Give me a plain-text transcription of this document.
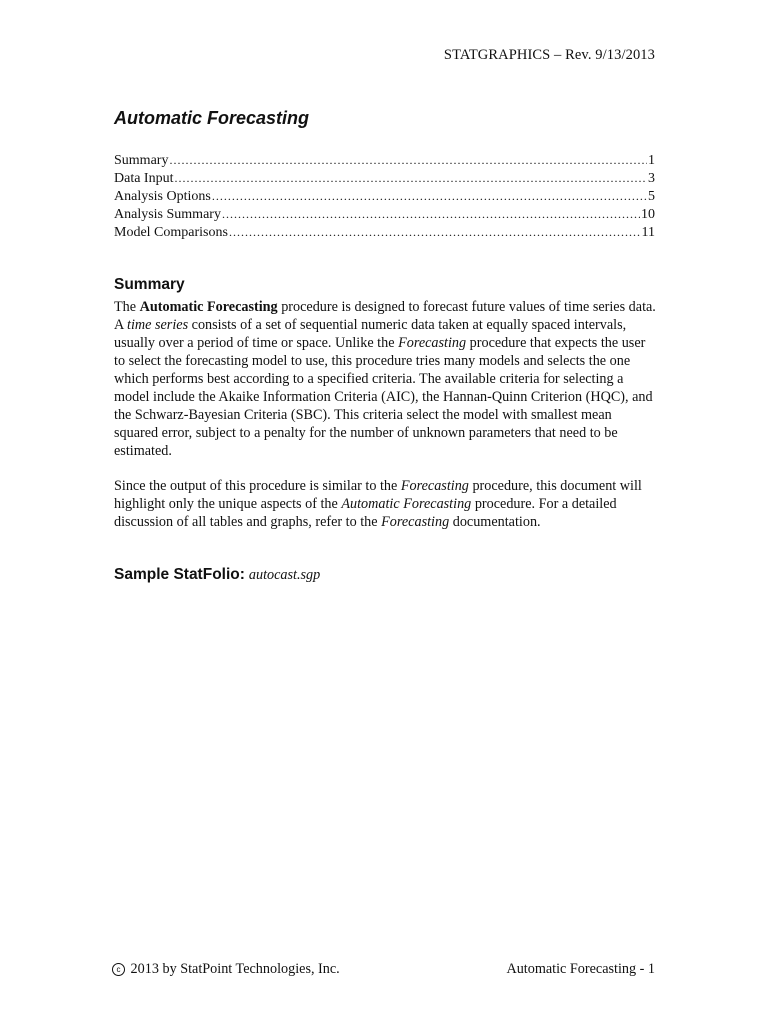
STATGRAPHICS – Rev. 9/13/2013
Automatic Forecasting
Summary .....	1
Data Input .....	3
Analysis Options .....	5
Analysis Summary .....	10
Model Comparisons .....	11
Summary

The Automatic Forecasting procedure is designed to forecast future values of time series data. A time series consists of a set of sequential numeric data taken at equally spaced intervals, usually over a period of time or space. Unlike the Forecasting procedure that expects the user to select the forecasting model to use, this procedure tries many models and selects the one which performs best according to a specified criteria. The available criteria for selecting a model include the Akaike Information Criteria (AIC), the Hannan-Quinn Criterion (HQC), and the Schwarz-Bayesian Criteria (SBC). This criteria select the model with smallest mean squared error, subject to a penalty for the number of unknown parameters that need to be estimated.

Since the output of this procedure is similar to the Forecasting procedure, this document will highlight only the unique aspects of the Automatic Forecasting procedure. For a detailed discussion of all tables and graphs, refer to the Forecasting documentation.

Sample StatFolio: autocast.sgp

c 2013 by StatPoint Technologies, Inc.	Automatic Forecasting - 1
